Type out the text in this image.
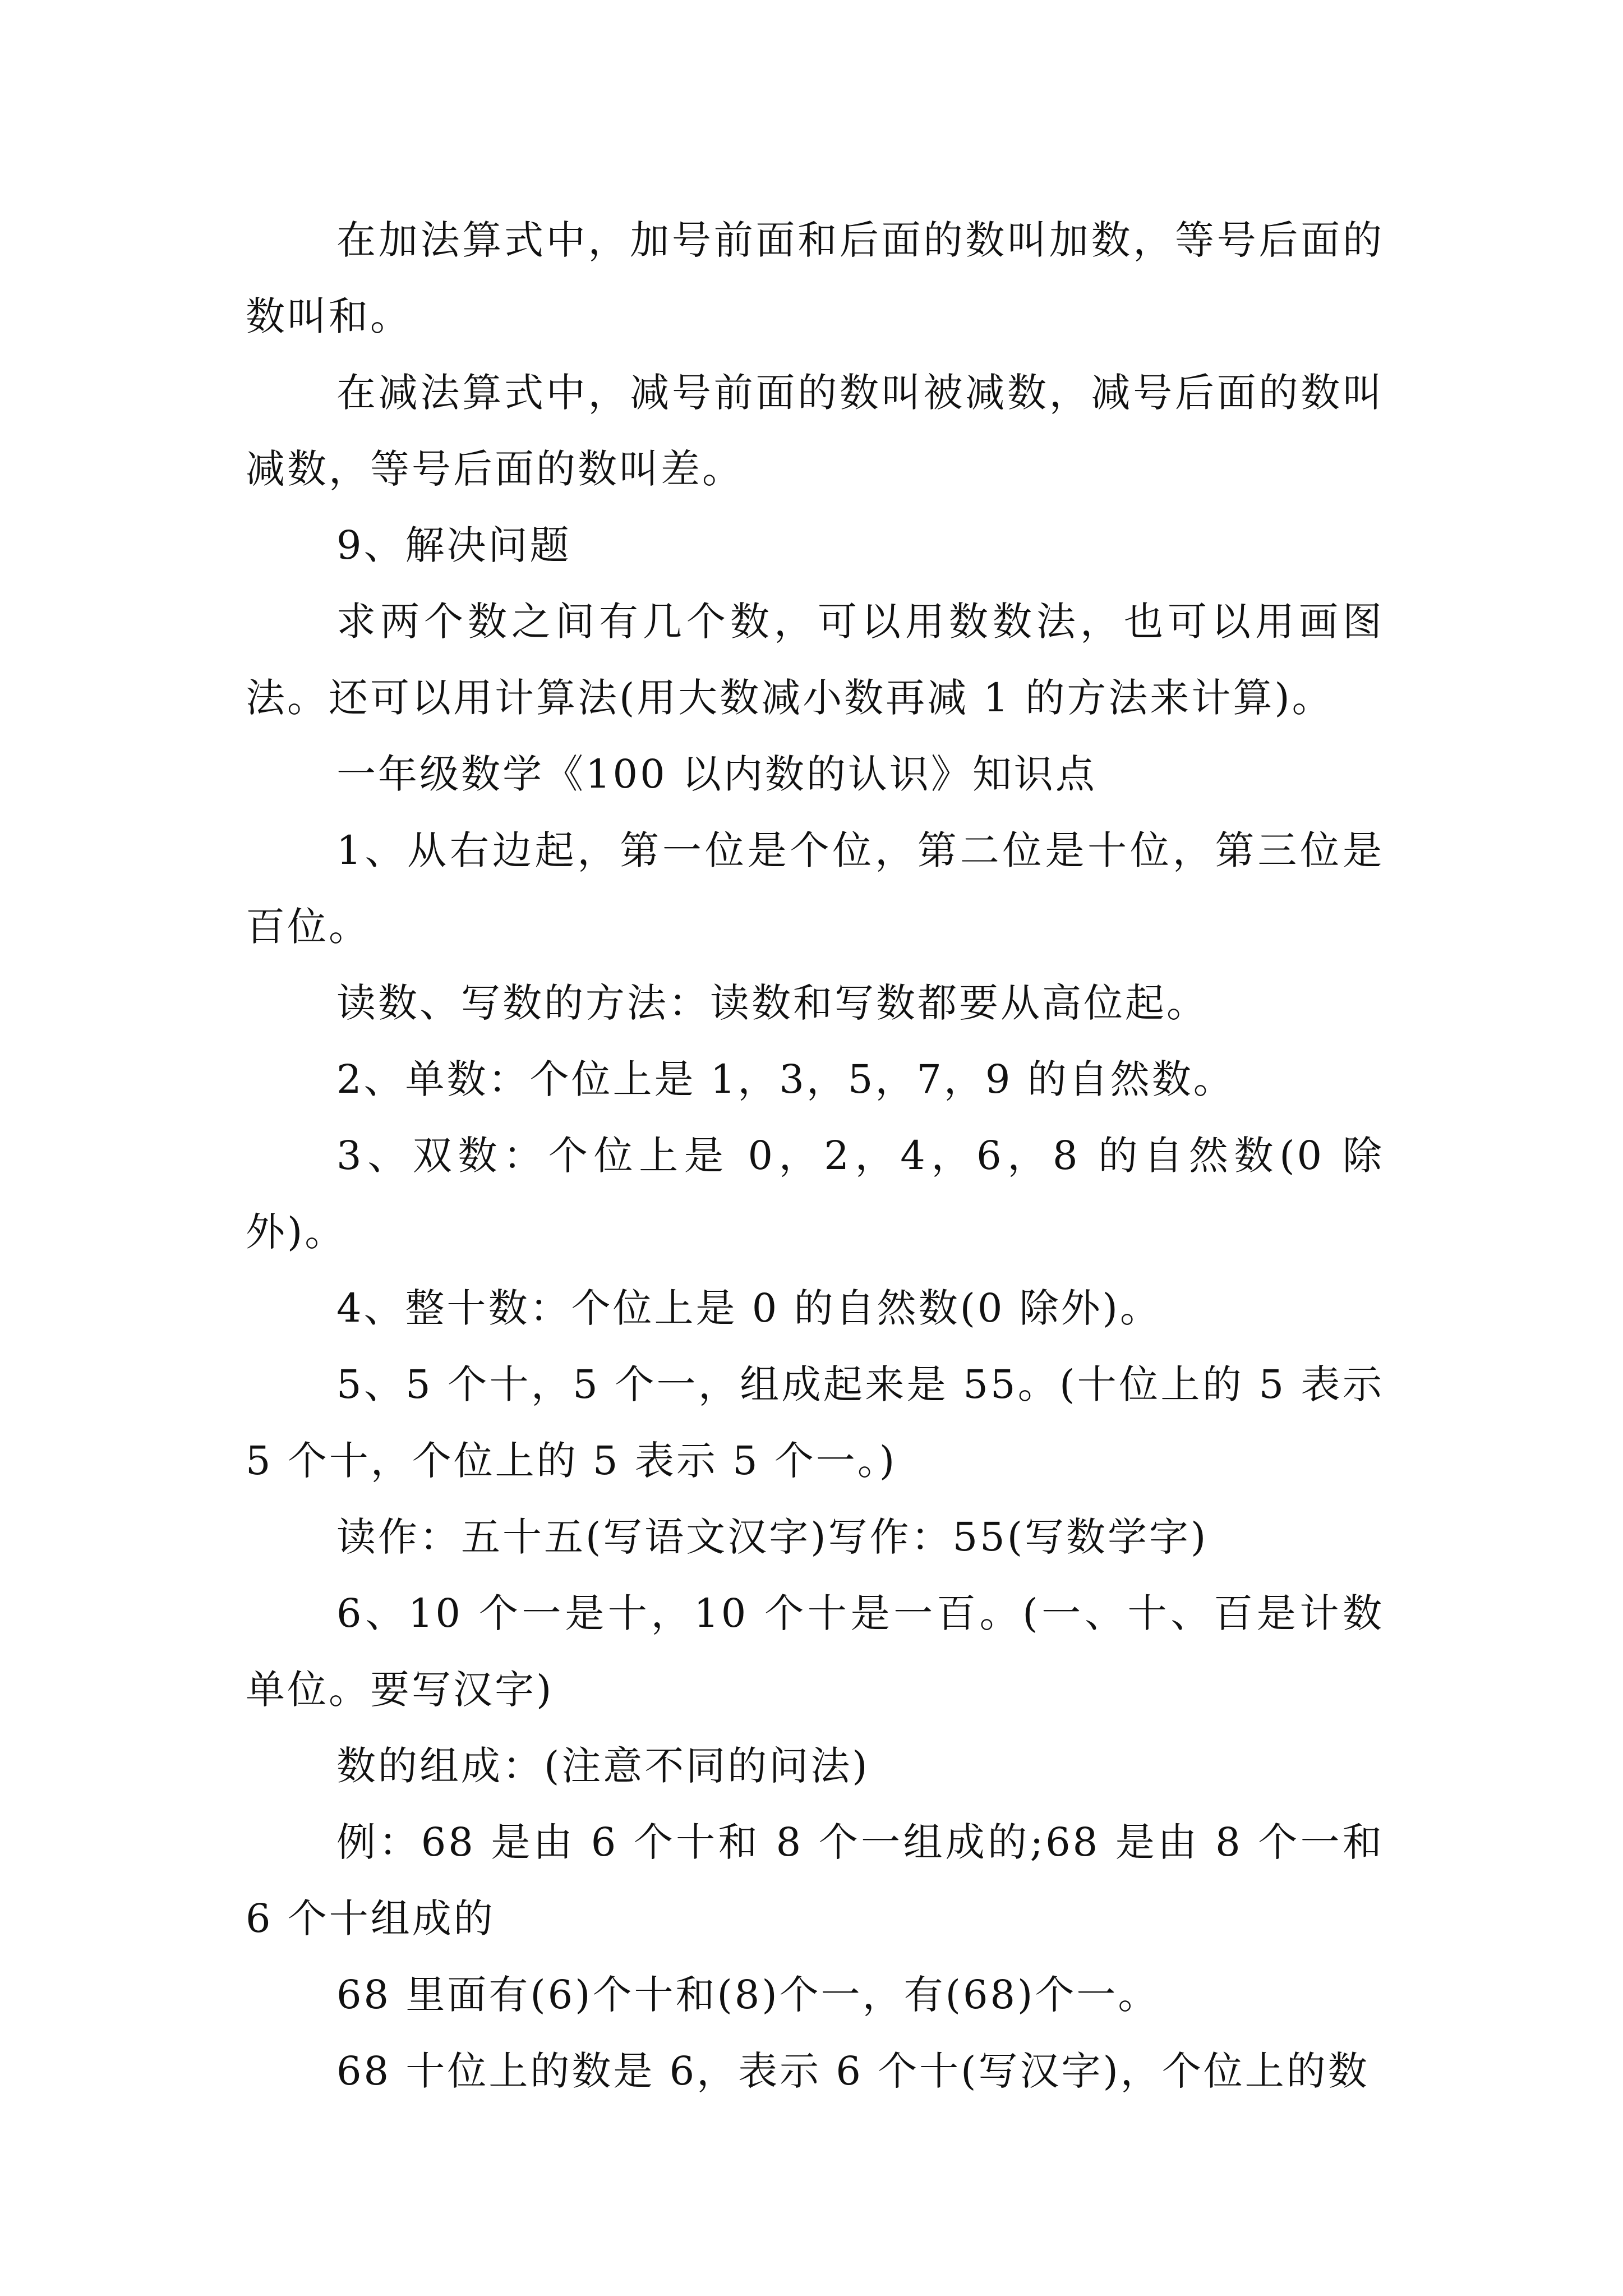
在加法算式中，加号前面和后面的数叫加数，等号后面的数叫和。

在减法算式中，减号前面的数叫被减数，减号后面的数叫减数，等号后面的数叫差。

9、解决问题

求两个数之间有几个数，可以用数数法，也可以用画图法。还可以用计算法(用大数减小数再减 1 的方法来计算)。

一年级数学《100 以内数的认识》知识点

1、从右边起，第一位是个位，第二位是十位，第三位是百位。

读数、写数的方法：读数和写数都要从高位起。

2、单数：个位上是 1，3，5，7，9 的自然数。

3、双数：个位上是 0，2，4，6，8 的自然数(0 除外)。

4、整十数：个位上是 0 的自然数(0 除外)。

5、5 个十，5 个一，组成起来是 55。(十位上的 5 表示 5 个十，个位上的 5 表示 5 个一。)

读作：五十五(写语文汉字)写作：55(写数学字)

6、10 个一是十，10 个十是一百。(一、十、百是计数单位。要写汉字)

数的组成：(注意不同的问法)

例：68 是由 6 个十和 8 个一组成的;68 是由 8 个一和 6 个十组成的

68 里面有(6)个十和(8)个一，有(68)个一。

68 十位上的数是 6，表示 6 个十(写汉字)，个位上的数
